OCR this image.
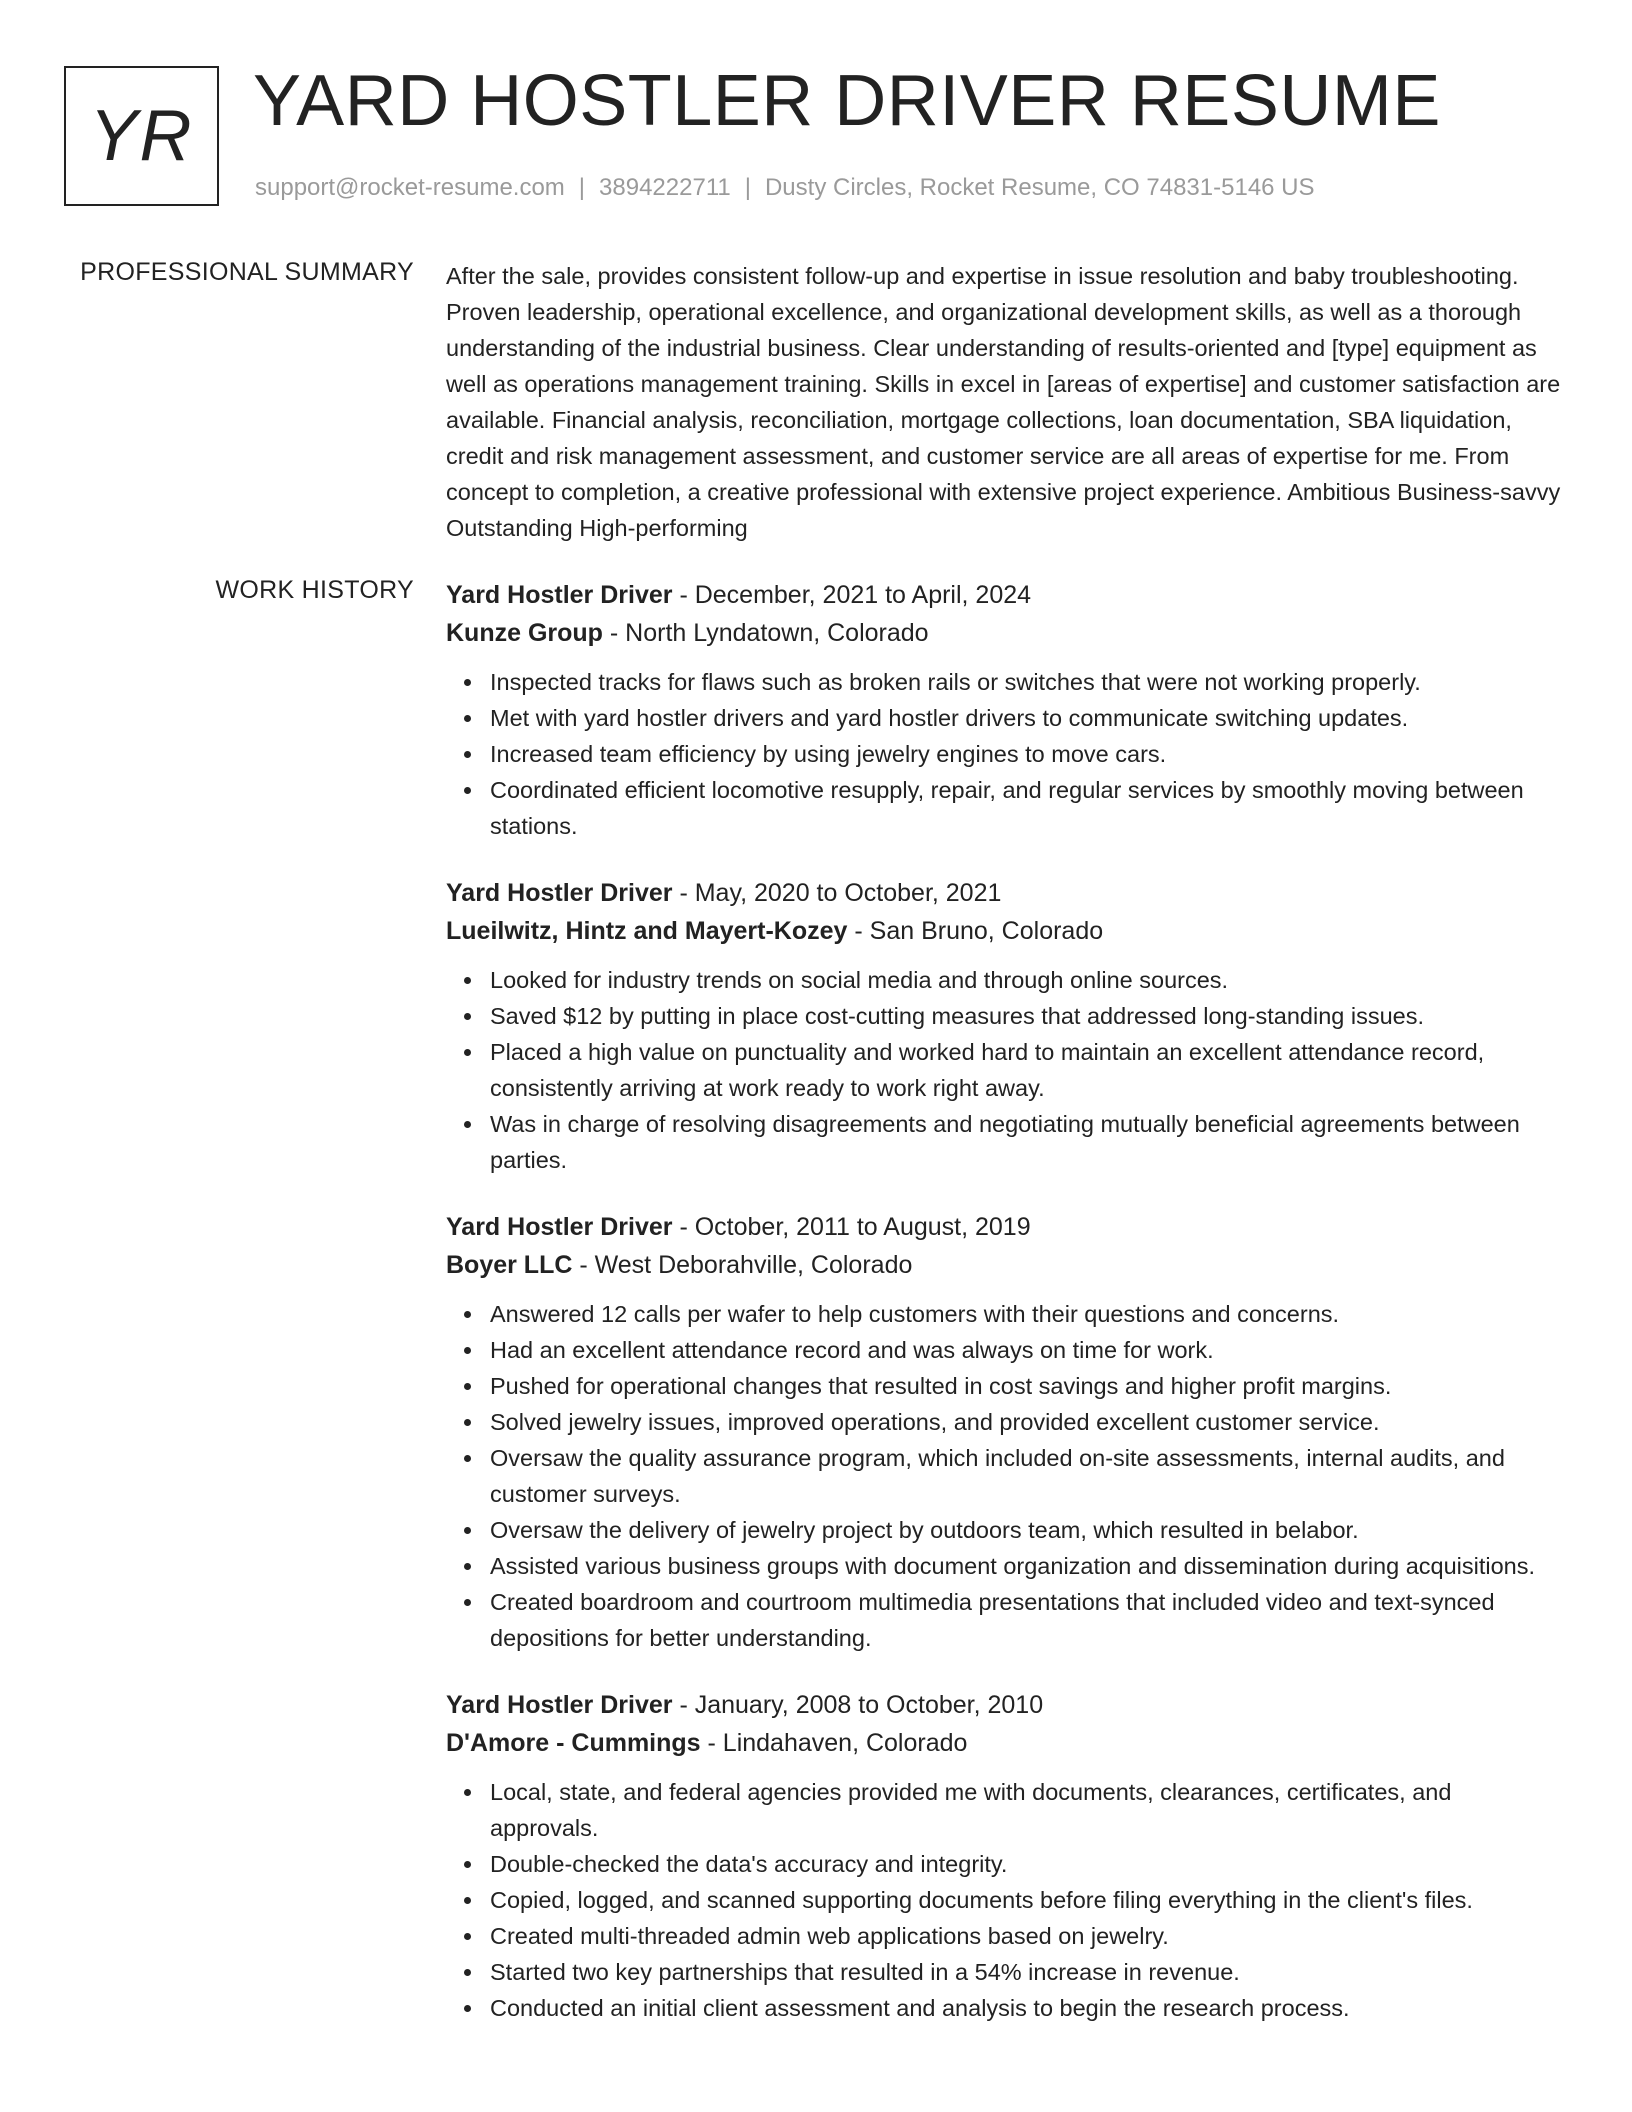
YR YARD HOSTLER DRIVER RESUME
support@rocket-resume.com | 3894222711 | Dusty Circles, Rocket Resume, CO 74831-5146 US
PROFESSIONAL SUMMARY After the sale, provides consistent follow-up and expertise in issue resolution and baby troubleshooting. Proven leadership, operational excellence, and organizational development skills, as well as a thorough understanding of the industrial business. Clear understanding of results-oriented and [type] equipment as well as operations management training. Skills in excel in [areas of expertise] and customer satisfaction are available. Financial analysis, reconciliation, mortgage collections, loan documentation, SBA liquidation, credit and risk management assessment, and customer service are all areas of expertise for me. From concept to completion, a creative professional with extensive project experience. Ambitious Business-savvy Outstanding High-performing
WORK HISTORY Yard Hostler Driver - December, 2021 to April, 2024
Kunze Group - North Lyndatown, Colorado
Inspected tracks for flaws such as broken rails or switches that were not working properly.
Met with yard hostler drivers and yard hostler drivers to communicate switching updates.
Increased team efficiency by using jewelry engines to move cars.
Coordinated efficient locomotive resupply, repair, and regular services by smoothly moving between stations.
Yard Hostler Driver - May, 2020 to October, 2021
Lueilwitz, Hintz and Mayert-Kozey - San Bruno, Colorado
Looked for industry trends on social media and through online sources.
Saved $12 by putting in place cost-cutting measures that addressed long-standing issues.
Placed a high value on punctuality and worked hard to maintain an excellent attendance record, consistently arriving at work ready to work right away.
Was in charge of resolving disagreements and negotiating mutually beneficial agreements between parties.
Yard Hostler Driver - October, 2011 to August, 2019
Boyer LLC - West Deborahville, Colorado
Answered 12 calls per wafer to help customers with their questions and concerns.
Had an excellent attendance record and was always on time for work.
Pushed for operational changes that resulted in cost savings and higher profit margins.
Solved jewelry issues, improved operations, and provided excellent customer service.
Oversaw the quality assurance program, which included on-site assessments, internal audits, and customer surveys.
Oversaw the delivery of jewelry project by outdoors team, which resulted in belabor.
Assisted various business groups with document organization and dissemination during acquisitions.
Created boardroom and courtroom multimedia presentations that included video and text-synced depositions for better understanding.
Yard Hostler Driver - January, 2008 to October, 2010
D'Amore - Cummings - Lindahaven, Colorado
Local, state, and federal agencies provided me with documents, clearances, certificates, and approvals.
Double-checked the data's accuracy and integrity.
Copied, logged, and scanned supporting documents before filing everything in the client's files.
Created multi-threaded admin web applications based on jewelry.
Started two key partnerships that resulted in a 54% increase in revenue.
Conducted an initial client assessment and analysis to begin the research process.
